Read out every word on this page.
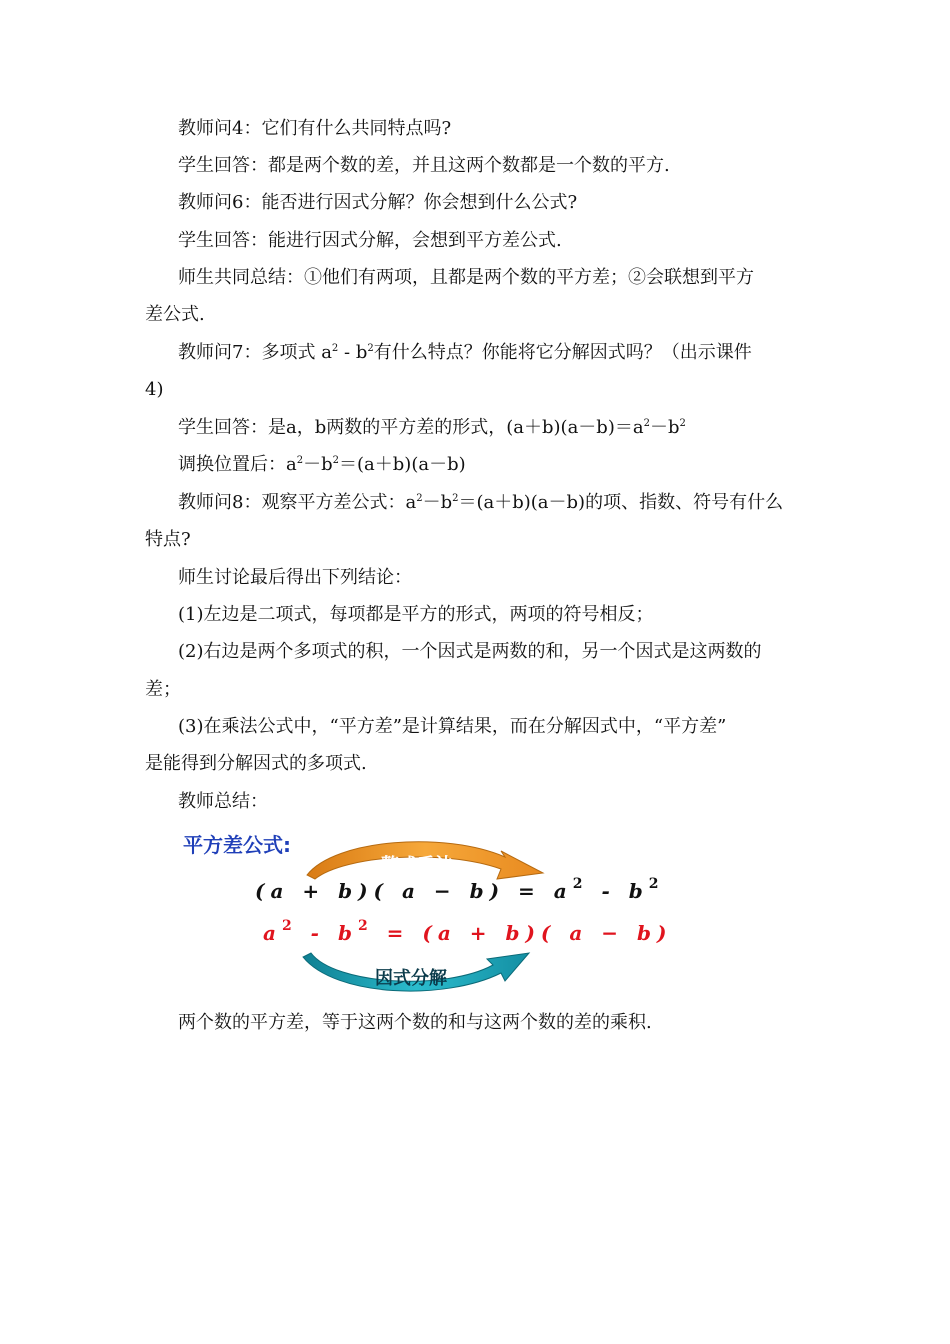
教师问4：它们有什么共同特点吗?
学生回答：都是两个数的差，并且这两个数都是一个数的平方.
教师问6：能否进行因式分解？你会想到什么公式?
学生回答：能进行因式分解，会想到平方差公式.
师生共同总结：①他们有两项，且都是两个数的平方差；②会联想到平方
差公式.
教师问7：多项式 $a^2 - b^2$有什么特点？你能将它分解因式吗？（出示课件
4)
学生回答：是a，b两数的平方差的形式，$(a+b)(a-b)=a^2-b^2$
调换位置后：$a^2-b^2=(a+b)(a-b)$
教师问8：观察平方差公式：$a^2-b^2=(a+b)(a-b)$的项、指数、符号有什么
特点?
师生讨论最后得出下列结论：
(1)左边是二项式，每项都是平方的形式，两项的符号相反；
(2)右边是两个多项式的积，一个因式是两数的和，另一个因式是这两数的
差；
(3)在乘法公式中，“平方差”是计算结果，而在分解因式中，“平方差”
是能得到分解因式的多项式.
教师总结：
平方差公式:
整式乘法
(a + b)( $a - b) = a^2 - b^2$
$a^2 - b^2 = (a + b)$( a − b)
因式分解
两个数的平方差，等于这两个数的和与这两个数的差的乘积.
